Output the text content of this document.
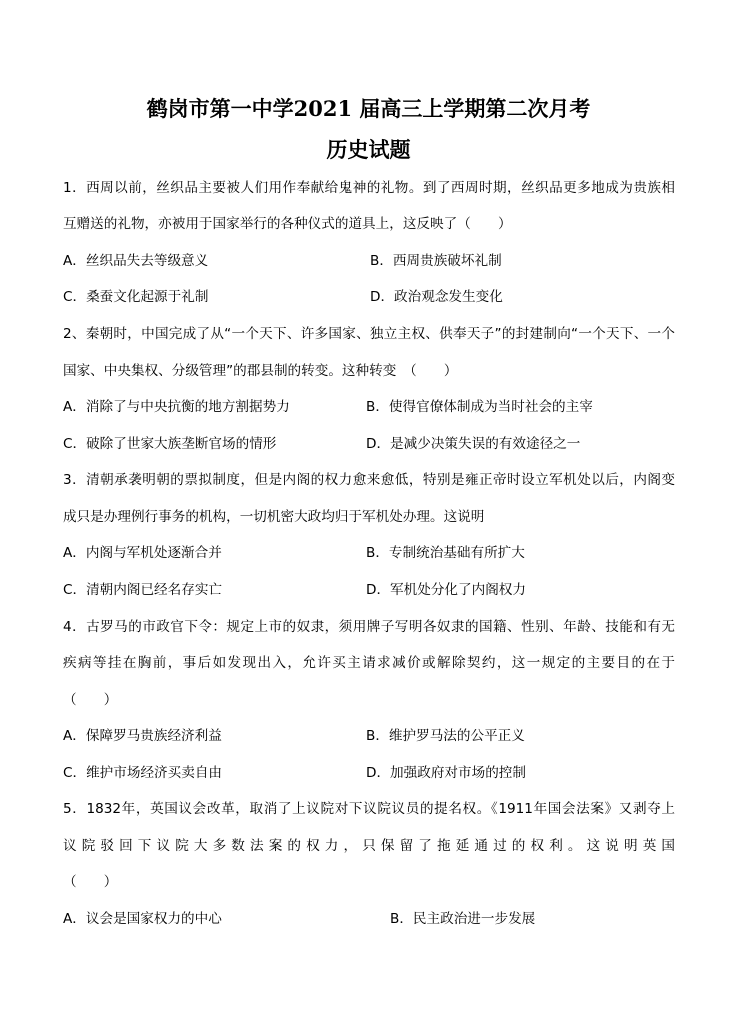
鹤岗市第一中学2021 届高三上学期第二次月考
历史试题
1．西周以前，丝织品主要被人们用作奉献给鬼神的礼物。到了西周时期，丝织品更多地成为贵族相
互赠送的礼物，亦被用于国家举行的各种仪式的道具上，这反映了（　　）
A．丝织品失去等级意义	B．西周贵族破坏礼制
C．桑蚕文化起源于礼制	D．政治观念发生变化
2、秦朝时，中国完成了从“一个天下、许多国家、独立主权、供奉天子”的封建制向“一个天下、一个
国家、中央集权、分级管理”的郡县制的转变。这种转变　（　　）
A．消除了与中央抗衡的地方割据势力	B．使得官僚体制成为当时社会的主宰
C．破除了世家大族垄断官场的情形	D．是减少决策失误的有效途径之一
3．清朝承袭明朝的票拟制度，但是内阁的权力愈来愈低，特别是雍正帝时设立军机处以后，内阁变
成只是办理例行事务的机构，一切机密大政均归于军机处办理。这说明
A．内阁与军机处逐渐合并	B．专制统治基础有所扩大
C．清朝内阁已经名存实亡	D．军机处分化了内阁权力
4．古罗马的市政官下令：规定上市的奴隶，须用牌子写明各奴隶的国籍、性别、年龄、技能和有无
疾病等挂在胸前，事后如发现出入，允许买主请求减价或解除契约，这一规定的主要目的在于
（　　）
A．保障罗马贵族经济利益	B．维护罗马法的公平正义
C．维护市场经济买卖自由	D．加强政府对市场的控制
5．1832年，英国议会改革，取消了上议院对下议院议员的提名权。《1911年国会法案》又剥夺上
议院驳回下议院大多数法案的权力，只保留了拖延通过的权利。这说明英国
（　　）
A．议会是国家权力的中心	B．民主政治进一步发展
